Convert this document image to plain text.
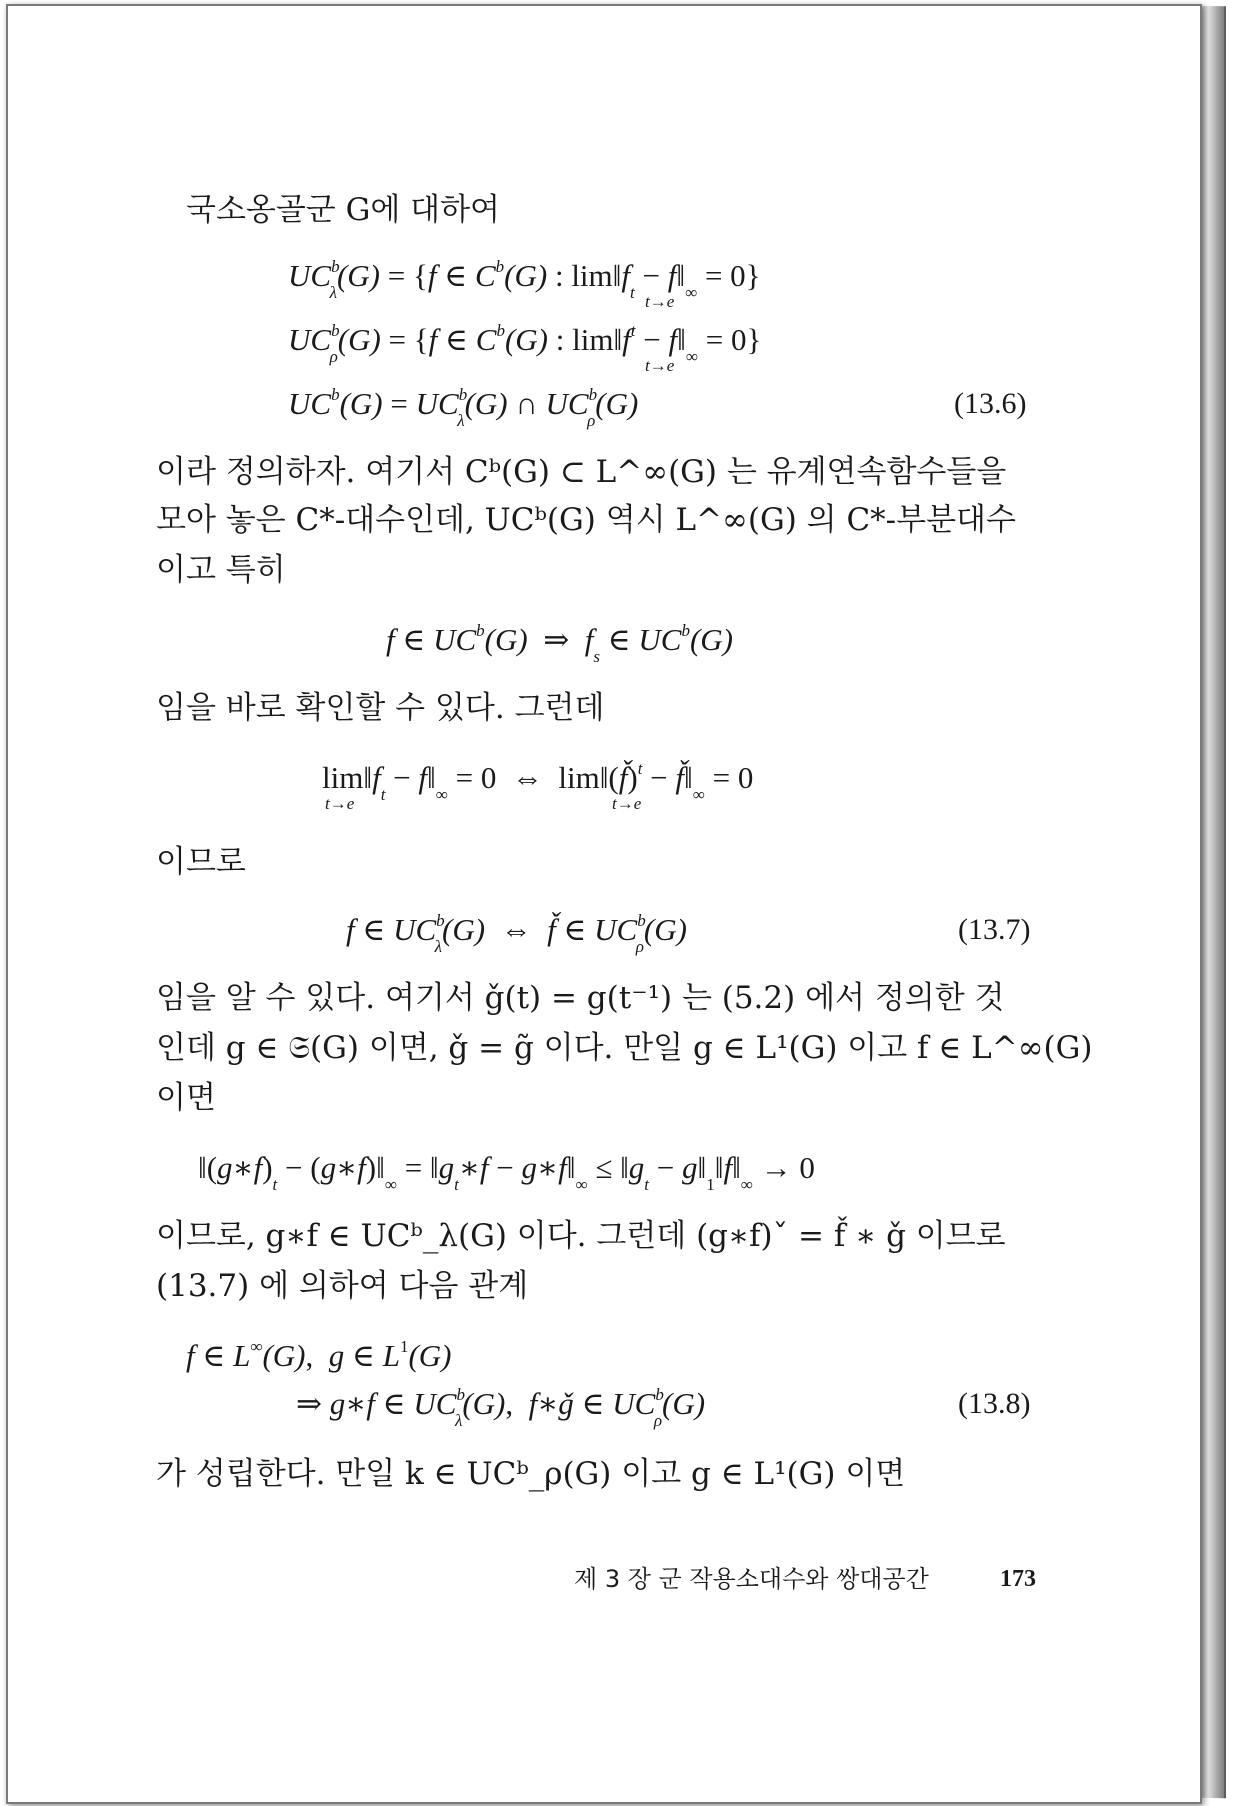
국소옹골군 G에 대하여
$UC^b_\lambda(G) = \{f$ ∈ $C^b(G)$ : $\lim‖f_t$ − $f‖_\infty = 0$}
t→e
$UC^b_\rho(G) = \{f$ ∈ $C^b(G)$ : $\lim‖f^t$ − $f‖_\infty = 0$}
t→e
$UC^b(G) = UC^b_\lambda(G)$ ∩ $UC^b_\rho(G)$	(13.6)
이라 정의하자. 여기서 Cᵇ(G) ⊂ L^∞(G) 는 유계연속함수들을
모아 놓은 C*-대수인데, UCᵇ(G) 역시 L^∞(G) 의 C*-부분대수
이고 특히
f ∈ $UC^b(G)$  ⇒  $f_s$ ∈ $UC^b(G)$
임을 바로 확인할 수 있다. 그런데
$\lim‖f_t$ − $f‖_\infty = 0$  ⇔  lim‖(f̌)$^t$ − $f̌‖_\infty = 0$
t→e	t→e
이므로
f ∈ $UC^b_\lambda(G)$  ⇔  f̌ ∈ $UC^b_\rho(G)$	(13.7)
임을 알 수 있다. 여기서 ǧ(t) = g(t⁻¹) 는 (5.2) 에서 정의한 것
인데 g ∈ 𝔖(G) 이면, ǧ = g̃ 이다. 만일 g ∈ L¹(G) 이고 f ∈ L^∞(G)
이면
$‖(g∗f)_t$ − $(g∗f)‖_\infty$ = $‖g_t∗f$ − $g∗f‖_\infty$ ≤ $‖g_t$ − $g‖_1‖f‖_\infty \to 0$
이므로, g∗f ∈ UCᵇ_λ(G) 이다. 그런데 (g∗f)ˇ = f̌ ∗ ǧ 이므로
(13.7) 에 의하여 다음 관계
f ∈ L∞(G),  g ∈ $L^1(G)$
⇒ g∗f ∈ $UC^b_\lambda(G)$,  f∗ǧ ∈ $UC^b_\rho(G)$	(13.8)
가 성립한다. 만일 k ∈ UCᵇ_ρ(G) 이고 g ∈ L¹(G) 이면
제 3 장 군 작용소대수와 쌍대공간	173
